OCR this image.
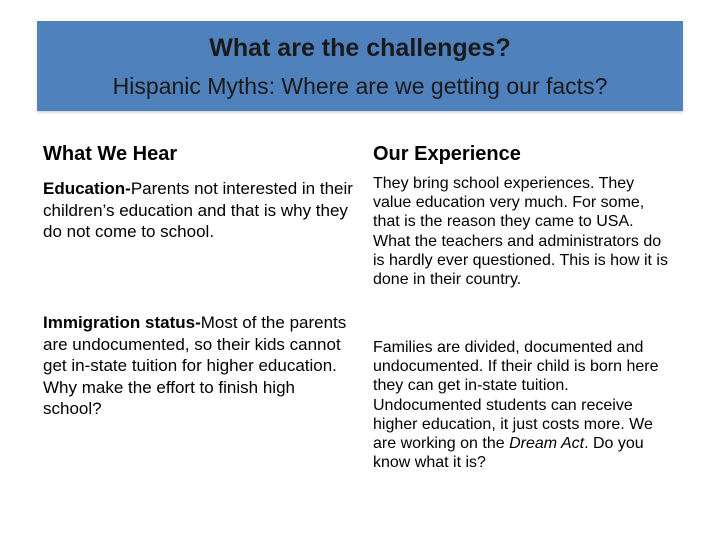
What are the challenges?
Hispanic Myths: Where are we getting our facts?
What We Hear	Our Experience
Education-Parents not interested in their children’s education and that is why they do not come to school.
They bring school experiences. They value education very much. For some, that is the reason they came to USA. What the teachers and administrators do is hardly ever questioned. This is how it is done in their country.
Immigration status-Most of the parents are undocumented, so their kids cannot get in-state tuition for higher education. Why make the effort to finish high school?
Families are divided, documented and undocumented. If their child is born here they can get in-state tuition. Undocumented students can receive higher education, it just costs more. We are working on the Dream Act. Do you know what it is?
